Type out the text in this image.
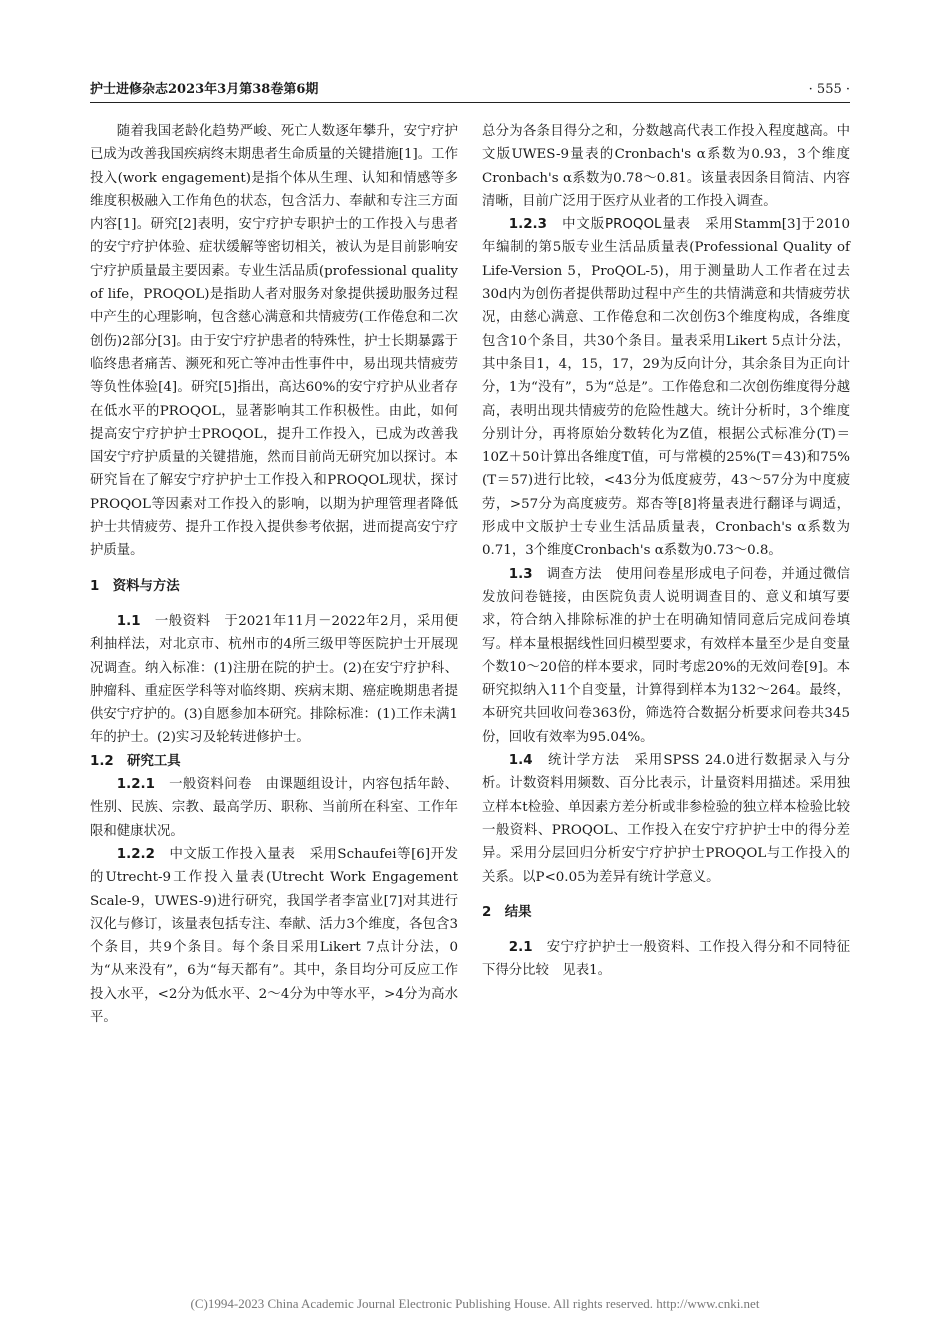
护士进修杂志2023年3月第38卷第6期	· 555 ·

随着我国老龄化趋势严峻、死亡人数逐年攀升，安宁疗护已成为改善我国疾病终末期患者生命质量的关键措施[1]。工作投入(work engagement)是指个体从生理、认知和情感等多维度积极融入工作角色的状态，包含活力、奉献和专注三方面内容[1]。研究[2]表明，安宁疗护专职护士的工作投入与患者的安宁疗护体验、症状缓解等密切相关，被认为是目前影响安宁疗护质量最主要因素。专业生活品质(professional quality of life，PROQOL)是指助人者对服务对象提供援助服务过程中产生的心理影响，包含慈心满意和共情疲劳(工作倦怠和二次创伤)2部分[3]。由于安宁疗护患者的特殊性，护士长期暴露于临终患者痛苦、濒死和死亡等冲击性事件中，易出现共情疲劳等负性体验[4]。研究[5]指出，高达60%的安宁疗护从业者存在低水平的PROQOL，显著影响其工作积极性。由此，如何提高安宁疗护护士PROQOL，提升工作投入，已成为改善我国安宁疗护质量的关键措施，然而目前尚无研究加以探讨。本研究旨在了解安宁疗护护士工作投入和PROQOL现状，探讨PROQOL等因素对工作投入的影响，以期为护理管理者降低护士共情疲劳、提升工作投入提供参考依据，进而提高安宁疗护质量。

1　资料与方法

1.1　 一般资料　 于2021年11月－2022年2月，采用便利抽样法，对北京市、杭州市的4所三级甲等医院护士开展现况调查。纳入标准：(1)注册在院的护士。(2)在安宁疗护科、肿瘤科、重症医学科等对临终期、疾病末期、癌症晚期患者提供安宁疗护的。(3)自愿参加本研究。排除标准：(1)工作未满1年的护士。(2)实习及轮转进修护士。

1.2　研究工具

1.2.1　 一般资料问卷　 由课题组设计，内容包括年龄、性别、民族、宗教、最高学历、职称、当前所在科室、工作年限和健康状况。

1.2.2　 中文版工作投入量表　 采用Schaufei等[6]开发的Utrecht-9工作投入量表(Utrecht Work Engagement Scale-9，UWES-9)进行研究，我国学者李富业[7]对其进行汉化与修订，该量表包括专注、奉献、活力3个维度，各包含3个条目，共9个条目。每个条目采用Likert 7点计分法，0为“从来没有”，6为“每天都有”。其中，条目均分可反应工作投入水平，<2分为低水平、2～4分为中等水平，>4分为高水平。

总分为各条目得分之和，分数越高代表工作投入程度越高。中文版UWES-9量表的Cronbach's α系数为0.93，3个维度Cronbach's α系数为0.78～0.81。该量表因条目简洁、内容清晰，目前广泛用于医疗从业者的工作投入调查。

1.2.3　 中文版PROQOL量表　 采用Stamm[3]于2010年编制的第5版专业生活品质量表(Professional Quality of Life-Version 5，ProQOL-5)，用于测量助人工作者在过去30d内为创伤者提供帮助过程中产生的共情满意和共情疲劳状况，由慈心满意、工作倦怠和二次创伤3个维度构成，各维度包含10个条目，共30个条目。量表采用Likert 5点计分法，其中条目1，4，15，17，29为反向计分，其余条目为正向计分，1为“没有”，5为“总是”。工作倦怠和二次创伤维度得分越高，表明出现共情疲劳的危险性越大。统计分析时，3个维度分别计分，再将原始分数转化为Z值，根据公式标准分(T)＝10Z＋50计算出各维度T值，可与常模的25%(T＝43)和75%(T＝57)进行比较，<43分为低度疲劳，43～57分为中度疲劳，>57分为高度疲劳。郑杏等[8]将量表进行翻译与调适，形成中文版护士专业生活品质量表，Cronbach's α系数为0.71，3个维度Cronbach's α系数为0.73～0.8。

1.3　 调查方法　 使用问卷星形成电子问卷，并通过微信发放问卷链接，由医院负责人说明调查目的、意义和填写要求，符合纳入排除标准的护士在明确知情同意后完成问卷填写。样本量根据线性回归模型要求，有效样本量至少是自变量个数10～20倍的样本要求，同时考虑20%的无效问卷[9]。本研究拟纳入11个自变量，计算得到样本为132～264。最终，本研究共回收问卷363份，筛选符合数据分析要求问卷共345份，回收有效率为95.04%。

1.4　 统计学方法　 采用SPSS 24.0进行数据录入与分析。计数资料用频数、百分比表示，计量资料用描述。采用独立样本t检验、单因素方差分析或非参检验的独立样本检验比较一般资料、PROQOL、工作投入在安宁疗护护士中的得分差异。采用分层回归分析安宁疗护护士PROQOL与工作投入的关系。以P<0.05为差异有统计学意义。

2　结果

2.1　 安宁疗护护士一般资料、工作投入得分和不同特征下得分比较　 见表1。

(C)1994-2023 China Academic Journal Electronic Publishing House. All rights reserved. http://www.cnki.net
